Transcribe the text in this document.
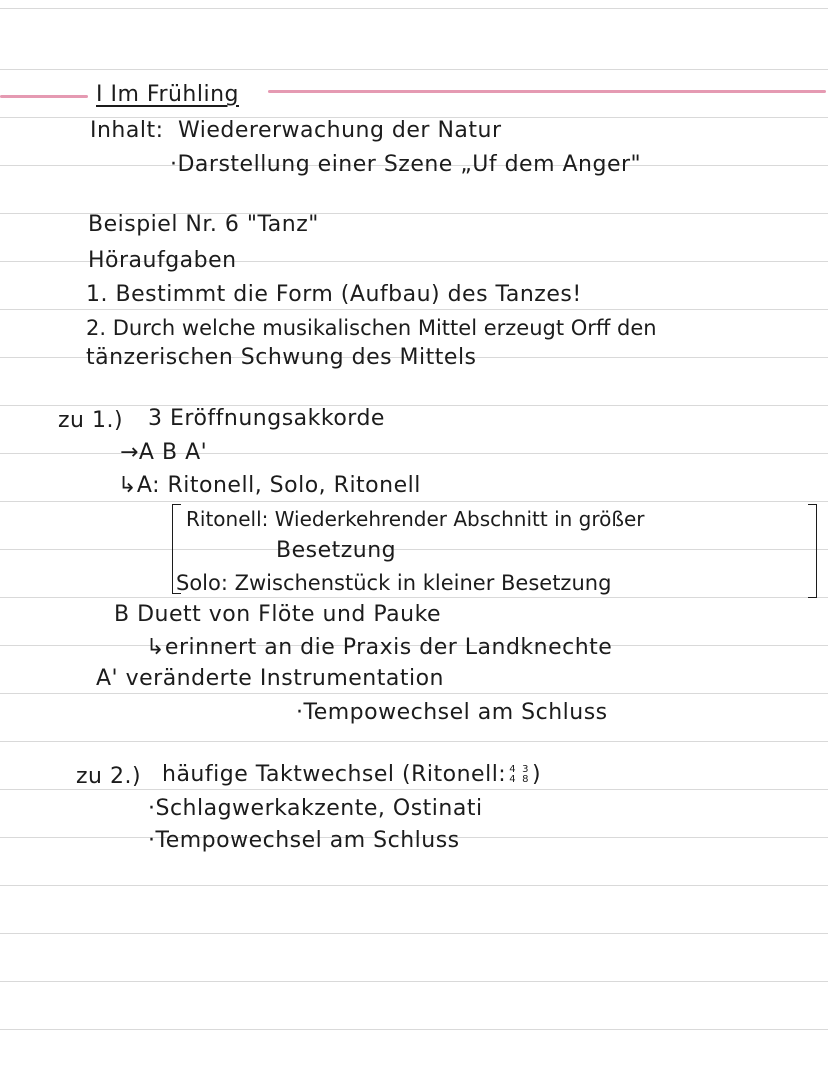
I Im Frühling
Inhalt: Wiedererwachung der Natur
·Darstellung einer Szene „Uf dem Anger"
Beispiel Nr. 6 "Tanz"
Höraufgaben
1. Bestimmt die Form (Aufbau) des Tanzes!
2. Durch welche musikalischen Mittel erzeugt Orff den
tänzerischen Schwung des Mittels
zu 1.) 3 Eröffnungsakkorde
→A B A'
↳A: Ritonell, Solo, Ritonell
Ritonell: Wiederkehrender Abschnitt in größer
Besetzung
Solo: Zwischenstück in kleiner Besetzung
B Duett von Flöte und Pauke
↳erinnert an die Praxis der Landknechte
A' veränderte Instrumentation
·Tempowechsel am Schluss
zu 2.) häufige Taktwechsel (Ritonell: 4
4
3
8 )
·Schlagwerkakzente, Ostinati
·Tempowechsel am Schluss
